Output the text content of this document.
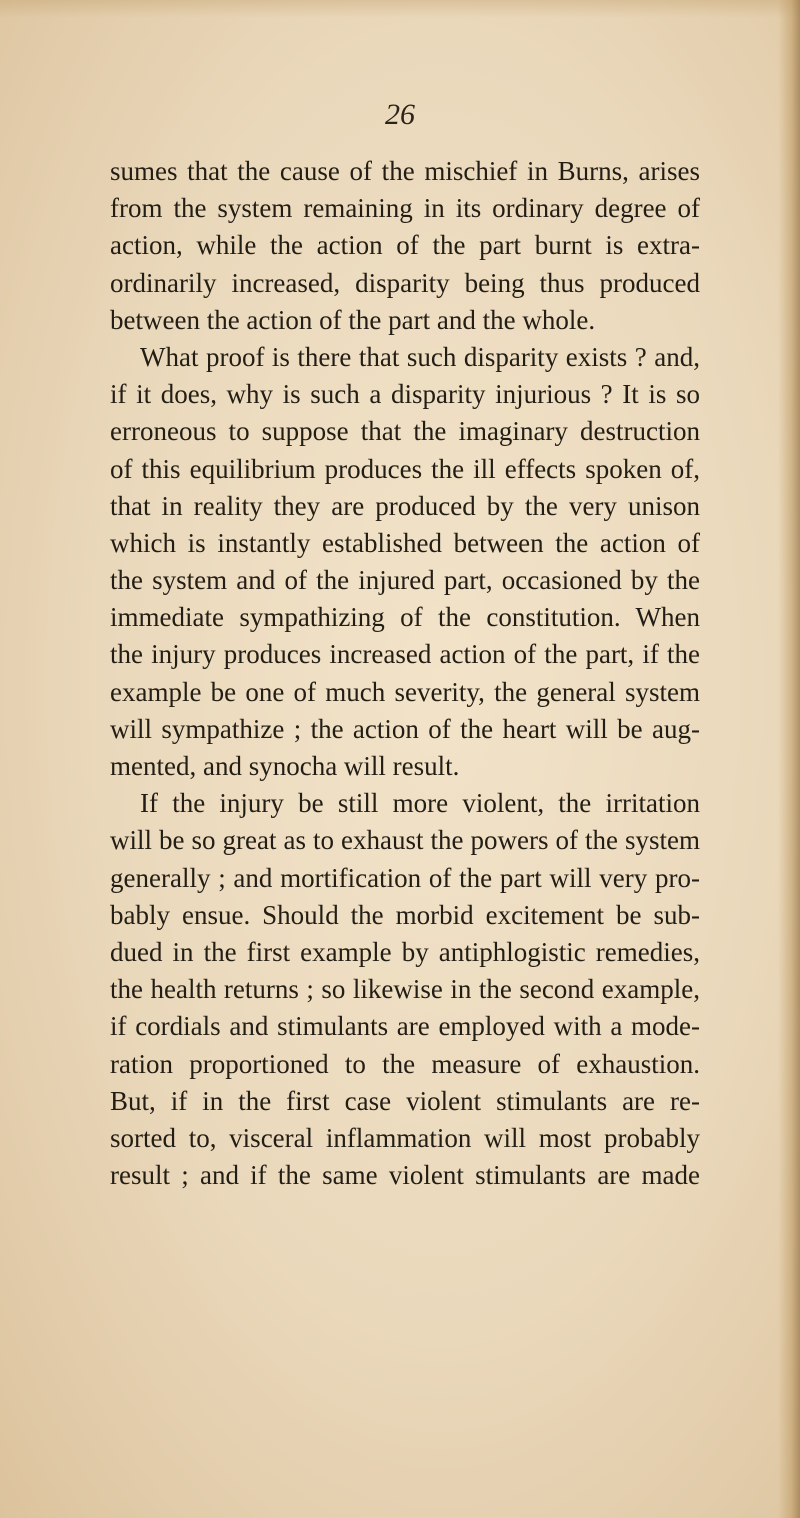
26

sumes that the cause of the mischief in Burns, arises
from the system remaining in its ordinary degree of
action, while the action of the part burnt is extra-
ordinarily increased, disparity being thus produced
between the action of the part and the whole.
What proof is there that such disparity exists ? and,
if it does, why is such a disparity injurious ? It is so
erroneous to suppose that the imaginary destruction
of this equilibrium produces the ill effects spoken of,
that in reality they are produced by the very unison
which is instantly established between the action of
the system and of the injured part, occasioned by the
immediate sympathizing of the constitution. When
the injury produces increased action of the part, if the
example be one of much severity, the general system
will sympathize ; the action of the heart will be aug-
mented, and synocha will result.
If the injury be still more violent, the irritation
will be so great as to exhaust the powers of the system
generally ; and mortification of the part will very pro-
bably ensue. Should the morbid excitement be sub-
dued in the first example by antiphlogistic remedies,
the health returns ; so likewise in the second example,
if cordials and stimulants are employed with a mode-
ration proportioned to the measure of exhaustion.
But, if in the first case violent stimulants are re-
sorted to, visceral inflammation will most probably
result ; and if the same violent stimulants are made
